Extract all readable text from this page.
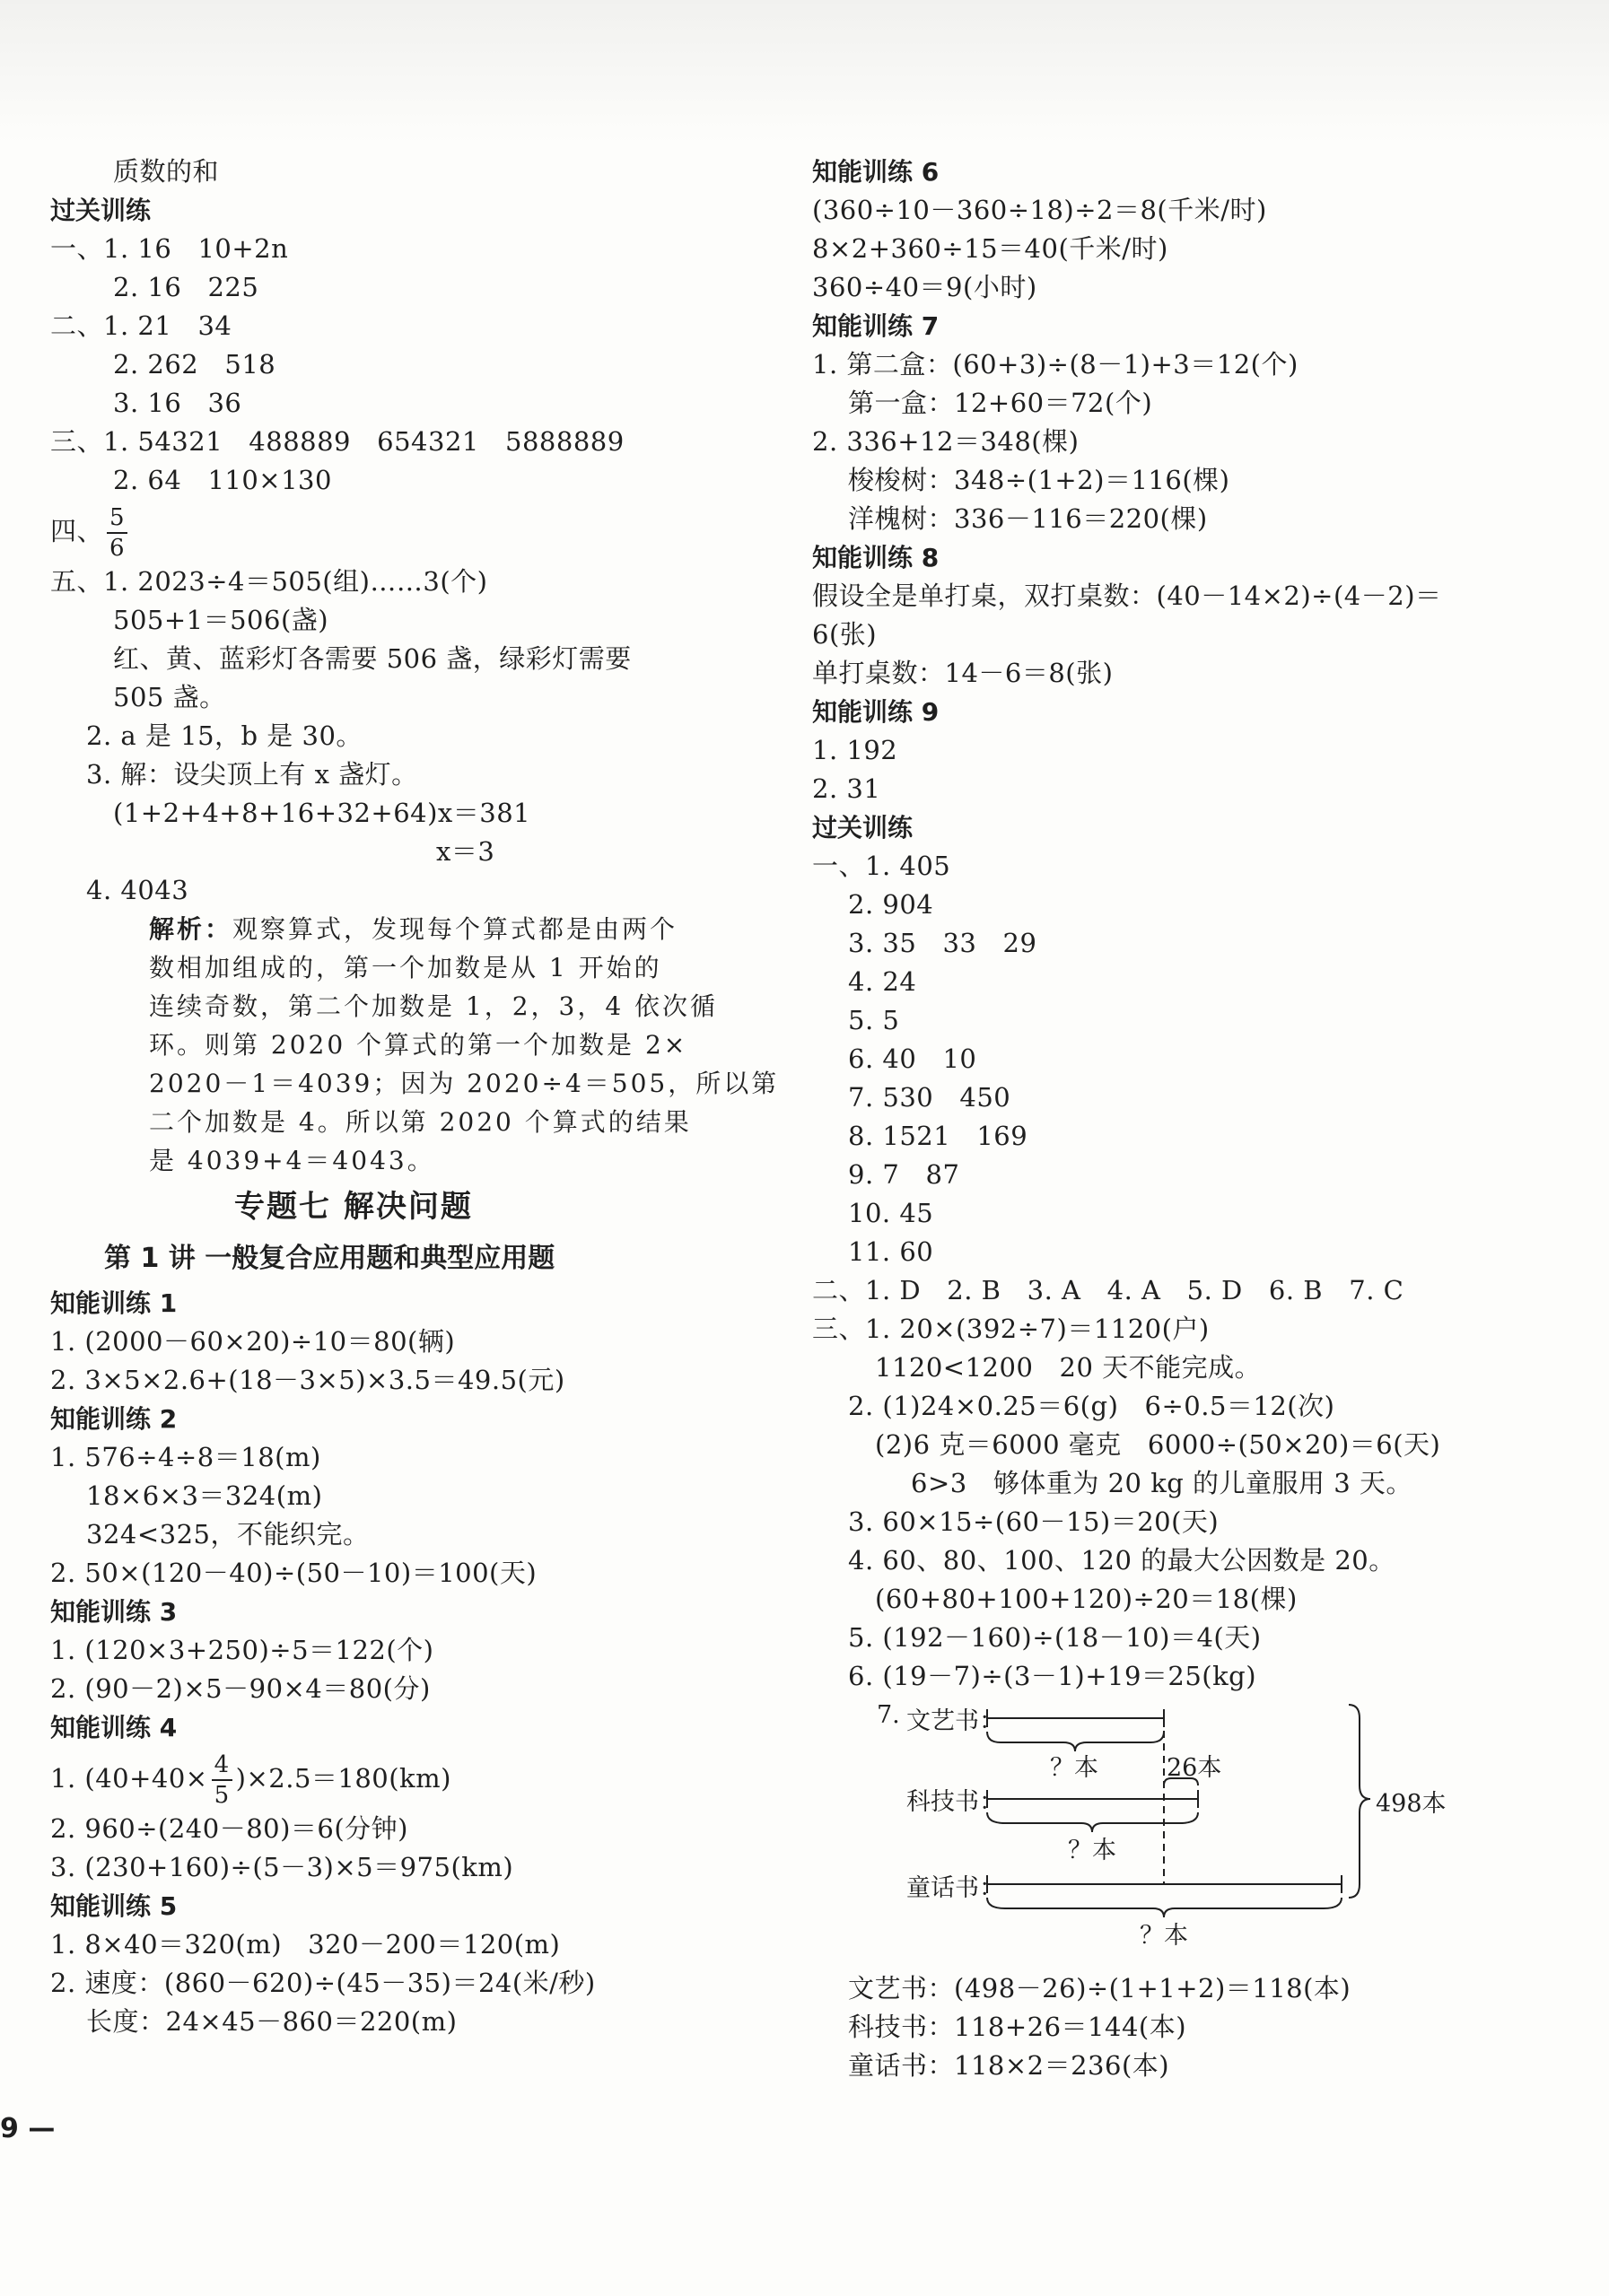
质数的和
过关训练
一、1. 16   10+2n
2. 16   225
二、1. 21   34
2. 262   518
3. 16   36
三、1. 54321   488889   654321   5888889
2. 64   110×130
四、 $\frac{5}{6}$
五、1. 2023÷4＝505(组)……3(个)
505+1＝506(盏)
红、黄、蓝彩灯各需要 506 盏，绿彩灯需要
505 盏。
2. a 是 15，b 是 30。
3. 解：设尖顶上有 x 盏灯。
(1+2+4+8+16+32+64)x＝381
x＝3
4. 4043
解析：观察算式，发现每个算式都是由两个
数相加组成的，第一个加数是从 1 开始的
连续奇数，第二个加数是 1，2，3，4 依次循
环。则第 2020 个算式的第一个加数是 2×
2020－1＝4039；因为 2020÷4＝505，所以第
二个加数是 4。所以第 2020 个算式的结果
是 4039+4＝4043。
专题七 解决问题
第 1 讲 一般复合应用题和典型应用题
知能训练 1
1. (2000－60×20)÷10＝80(辆)
2. 3×5×2.6+(18－3×5)×3.5＝49.5(元)
知能训练 2
1. 576÷4÷8＝18(m)
18×6×3＝324(m)
324<325，不能织完。
2. 50×(120－40)÷(50－10)＝100(天)
知能训练 3
1. (120×3+250)÷5＝122(个)
2. (90－2)×5－90×4＝80(分)
知能训练 4
1. $(40+40\times \frac{4}{5} )\times 2.5=180(km)$
2. 960÷(240－80)＝6(分钟)
3. (230+160)÷(5－3)×5＝975(km)
知能训练 5
1. 8×40＝320(m)   320－200＝120(m)
2. 速度：(860－620)÷(45－35)＝24(米/秒)
长度：24×45－860＝220(m)
知能训练 6
(360÷10－360÷18)÷2＝8(千米/时)
8×2+360÷15＝40(千米/时)
360÷40＝9(小时)
知能训练 7
1. 第二盒：(60+3)÷(8－1)+3＝12(个)
第一盒：12+60＝72(个)
2. 336+12＝348(棵)
梭梭树：348÷(1+2)＝116(棵)
洋槐树：336－116＝220(棵)
知能训练 8
假设全是单打桌，双打桌数：(40－14×2)÷(4－2)＝
6(张)
单打桌数：14－6＝8(张)
知能训练 9
1. 192
2. 31
过关训练
一、1. 405
2. 904
3. 35   33   29
4. 24
5. 5
6. 40   10
7. 530   450
8. 1521   169
9. 7   87
10. 45
11. 60
二、1. D   2. B   3. A   4. A   5. D   6. B   7. C
三、1. 20×(392÷7)＝1120(户)
1120<1200   20 天不能完成。
2. (1)24×0.25＝6(g)   6÷0.5＝12(次)
(2)6 克＝6000 毫克   6000÷(50×20)＝6(天)
6>3   够体重为 20 kg 的儿童服用 3 天。
3. 60×15÷(60－15)＝20(天)
4. 60、80、100、120 的最大公因数是 20。
(60+80+100+120)÷20＝18(棵)
5. (192－160)÷(18－10)＝4(天)
6. (19－7)÷(3－1)+19＝25(kg)
7. 文艺书：
科技书：
童话书：
？本	26本
？本
？本
498本
文艺书：(498－26)÷(1+1+2)＝118(本)
科技书：118+26＝144(本)
童话书：118×2＝236(本)
9 —
